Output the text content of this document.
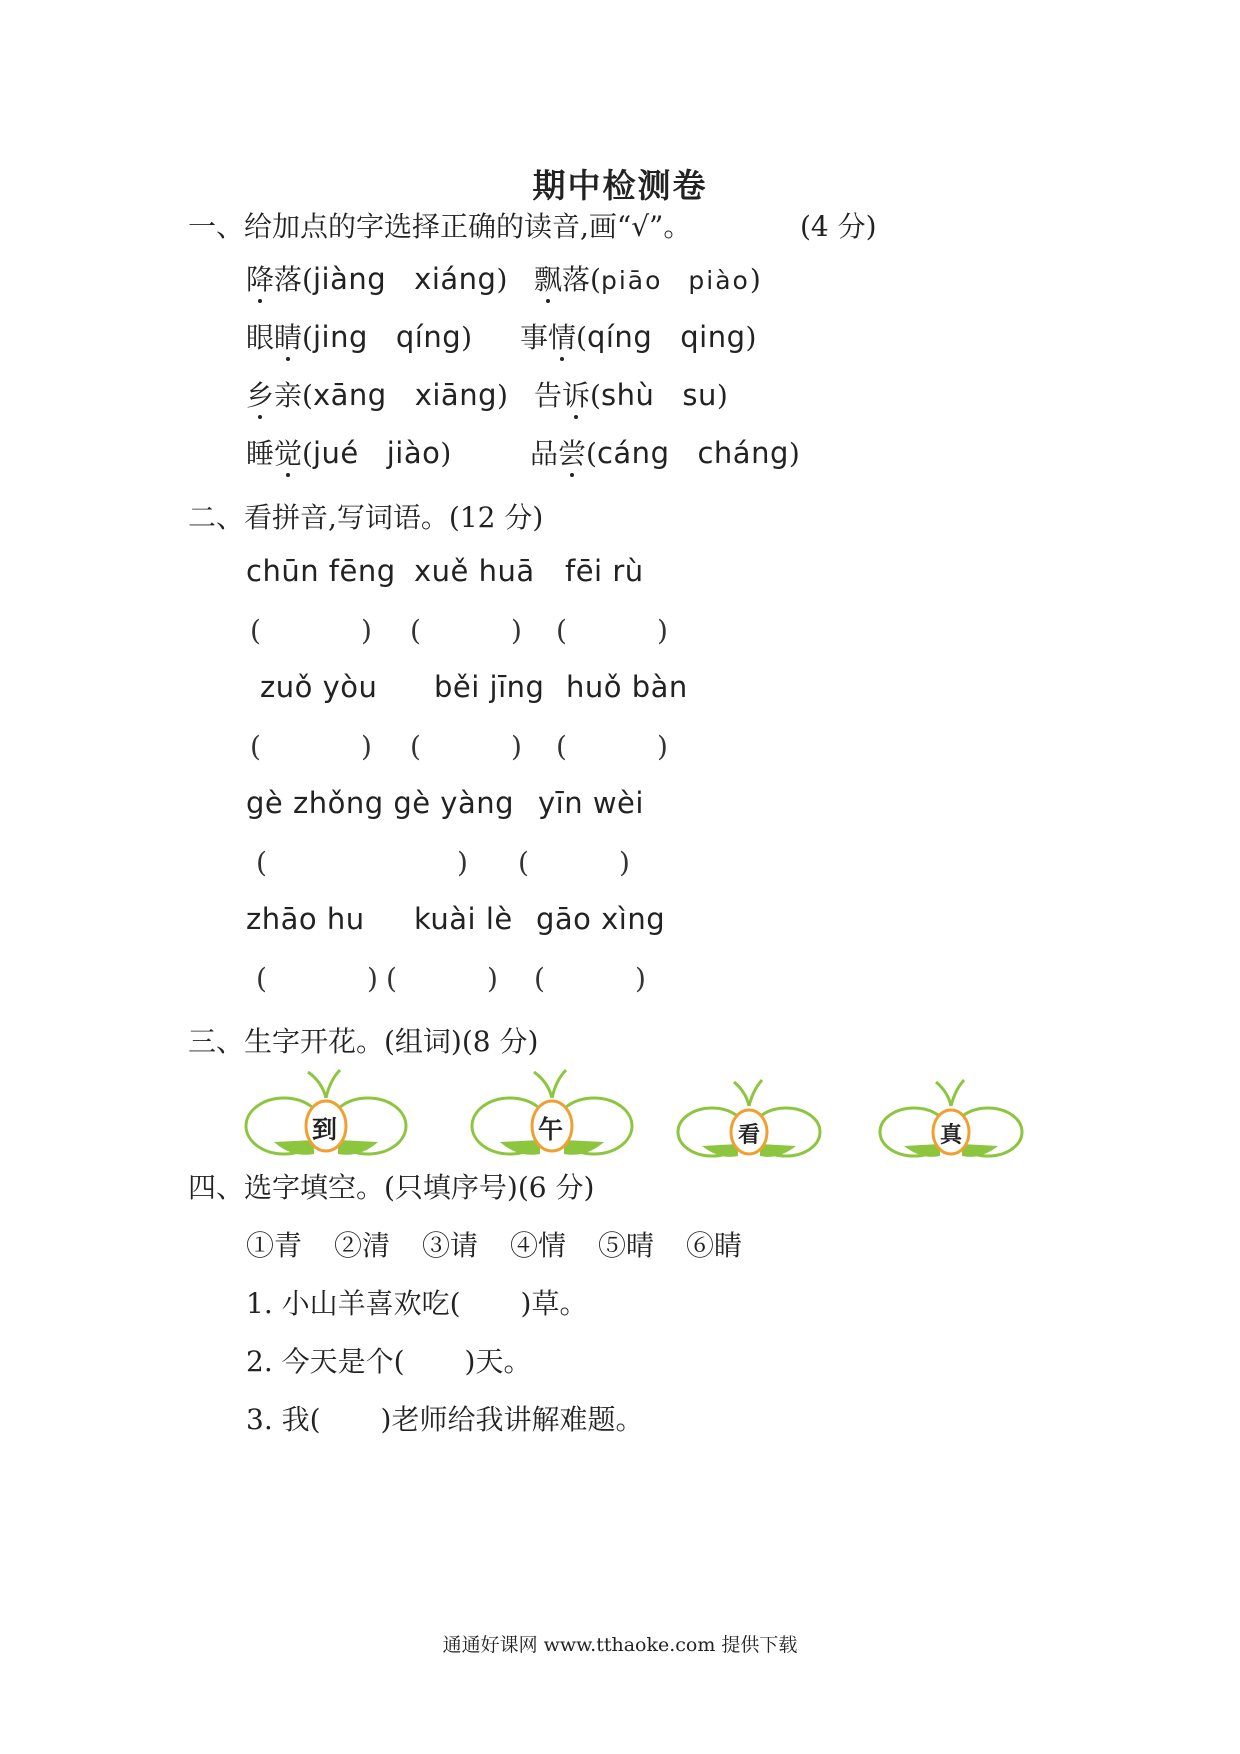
期中检测卷
一、给加点的字选择正确的读音,画“√”。	(4 分)
降落(jiàng xiáng) 飘落(piāo piào)
眼睛(jing qíng) 事情(qíng qing)
乡亲(xāng xiāng) 告诉(shù su)
睡觉(jué jiào)	品尝(cáng cháng)
二、看拼音,写词语。(12 分)
chūn fēng xuě huā fēi rù
(	) (	) (	)
zuǒ yòu běi jīng huǒ bàn
(	) (	) (	)
gè zhǒng gè yàng yīn wèi
(	) (	)
zhāo hu kuài lè gāo xìng
(	) (	) (	)
三、生字开花。(组词)(8 分)
到	午	看	真
四、选字填空。(只填序号)(6 分)
①青 ②清 ③请 ④情 ⑤晴 ⑥睛
1. 小山羊喜欢吃( )草。
2. 今天是个( )天。
3. 我( )老师给我讲解难题。
通通好课网 www.tthaoke.com 提供下载
